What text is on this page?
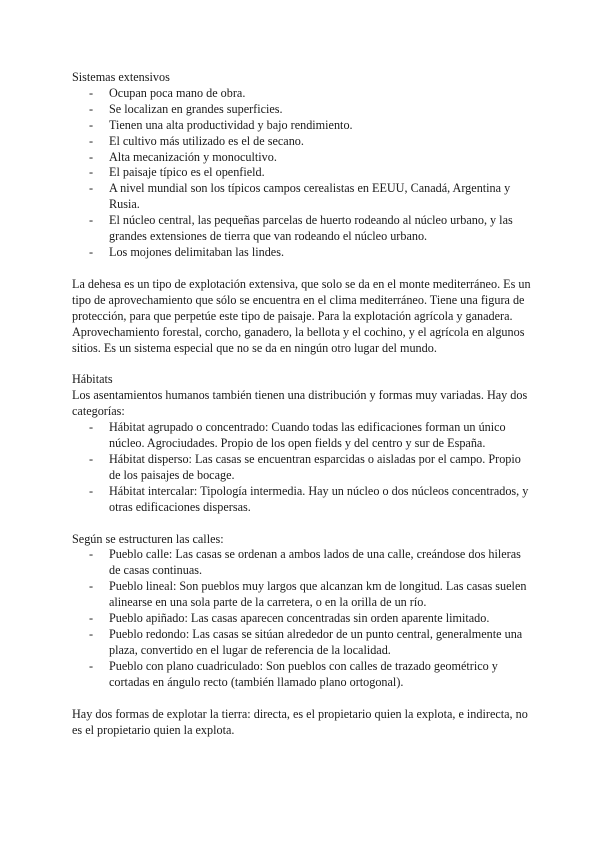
Sistemas extensivos

- Ocupan poca mano de obra.
- Se localizan en grandes superficies.
- Tienen una alta productividad y bajo rendimiento.
- El cultivo más utilizado es el de secano.
- Alta mecanización y monocultivo.
- El paisaje típico es el openfield.
- A nivel mundial son los típicos campos cerealistas en EEUU, Canadá, Argentina y Rusia.
- El núcleo central, las pequeñas parcelas de huerto rodeando al núcleo urbano, y las grandes extensiones de tierra que van rodeando el núcleo urbano.
- Los mojones delimitaban las lindes.

La dehesa es un tipo de explotación extensiva, que solo se da en el monte mediterráneo. Es un tipo de aprovechamiento que sólo se encuentra en el clima mediterráneo. Tiene una figura de protección, para que perpetúe este tipo de paisaje. Para la explotación agrícola y ganadera. Aprovechamiento forestal, corcho, ganadero, la bellota y el cochino, y el agrícola en algunos sitios. Es un sistema especial que no se da en ningún otro lugar del mundo.

Hábitats

Los asentamientos humanos también tienen una distribución y formas muy variadas. Hay dos categorías:

- Hábitat agrupado o concentrado: Cuando todas las edificaciones forman un único núcleo. Agrociudades. Propio de los open fields y del centro y sur de España.
- Hábitat disperso: Las casas se encuentran esparcidas o aisladas por el campo. Propio de los paisajes de bocage.
- Hábitat intercalar: Tipología intermedia. Hay un núcleo o dos núcleos concentrados, y otras edificaciones dispersas.

Según se estructuren las calles:

- Pueblo calle: Las casas se ordenan a ambos lados de una calle, creándose dos hileras de casas continuas.
- Pueblo lineal: Son pueblos muy largos que alcanzan km de longitud. Las casas suelen alinearse en una sola parte de la carretera, o en la orilla de un río.
- Pueblo apiñado: Las casas aparecen concentradas sin orden aparente limitado.
- Pueblo redondo: Las casas se sitúan alrededor de un punto central, generalmente una plaza, convertido en el lugar de referencia de la localidad.
- Pueblo con plano cuadriculado: Son pueblos con calles de trazado geométrico y cortadas en ángulo recto (también llamado plano ortogonal).

Hay dos formas de explotar la tierra: directa, es el propietario quien la explota, e indirecta, no es el propietario quien la explota.
